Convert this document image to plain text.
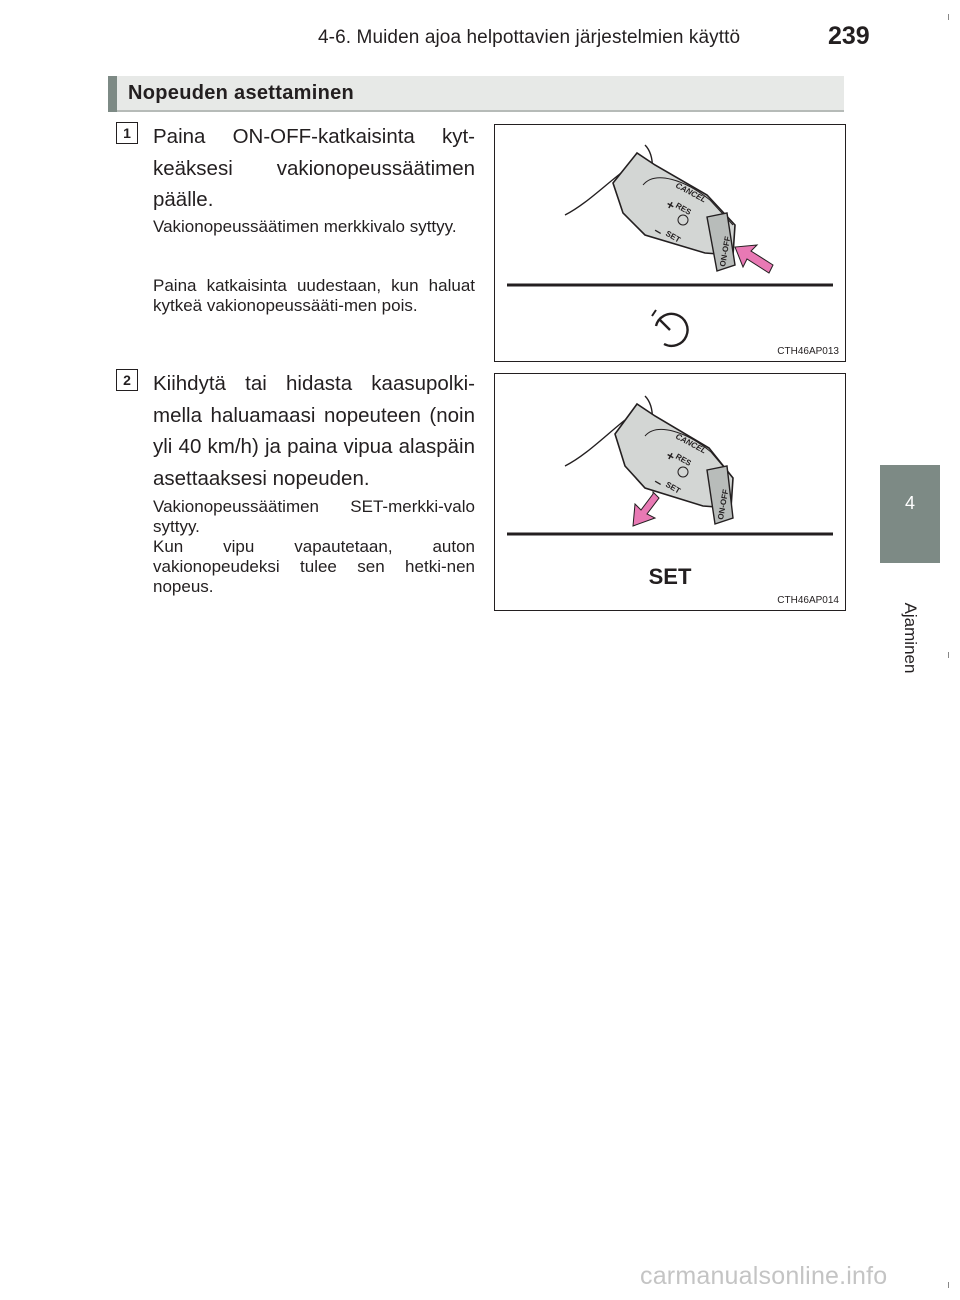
4-6. Muiden ajoa helpottavien järjestelmien käyttö	239
4
Ajaminen
Nopeuden asettaminen
1	Paina ON-OFF-katkaisinta kyt-keäksesi vakionopeussäätimen päälle.
Vakionopeussäätimen merkkivalo syttyy.
Paina katkaisinta uudestaan, kun haluat kytkeä vakionopeussääti-men pois.
ON-OFF
CANCEL
+
RES
–
SET
CTH46AP013
2	Kiihdytä tai hidasta kaasupolki-mella haluamaasi nopeuteen (noin yli 40 km/h) ja paina vipua alaspäin asettaaksesi nopeuden.
Vakionopeussäätimen SET-merkki-valo syttyy.
Kun vipu vapautetaan, auton vakionopeudeksi tulee sen hetki-nen nopeus.
ON-OFF
CANCEL
+
RES
–
SET
SET
CTH46AP014
carmanualsonline.info
